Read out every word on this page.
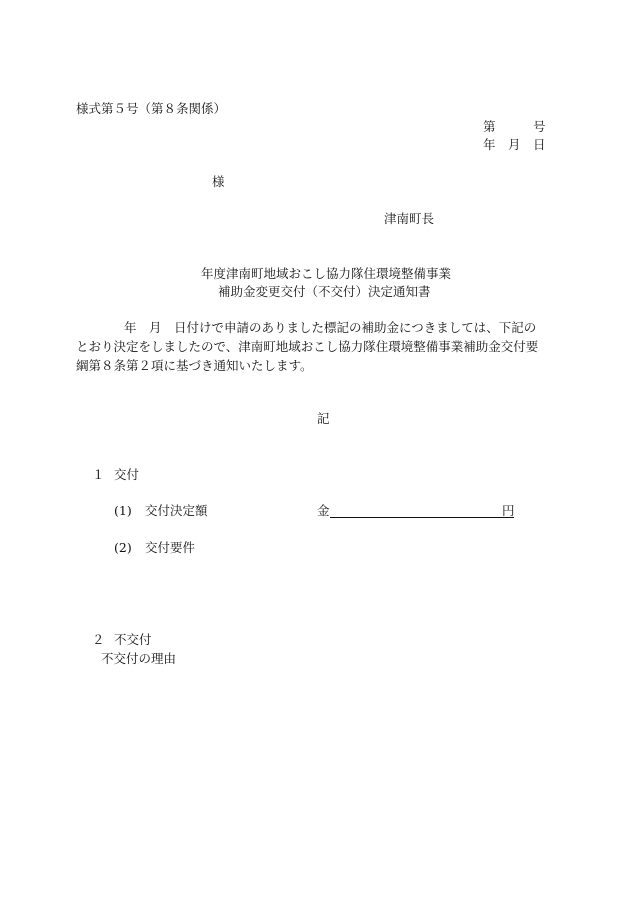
様式第５号（第８条関係）
第	号
年 月 日
様
津南町長
年度津南町地域おこし協力隊住環境整備事業
補助金変更交付（不交付）決定通知書
年　月　日付けで申請のありました標記の補助金につきましては、下記のとおり決定をしましたので、津南町地域おこし協力隊住環境整備事業補助金交付要綱第８条第２項に基づき通知いたします。
記
１ 交付
(1) 交付決定額	金	円
(2) 交付要件
２ 不交付
不交付の理由
